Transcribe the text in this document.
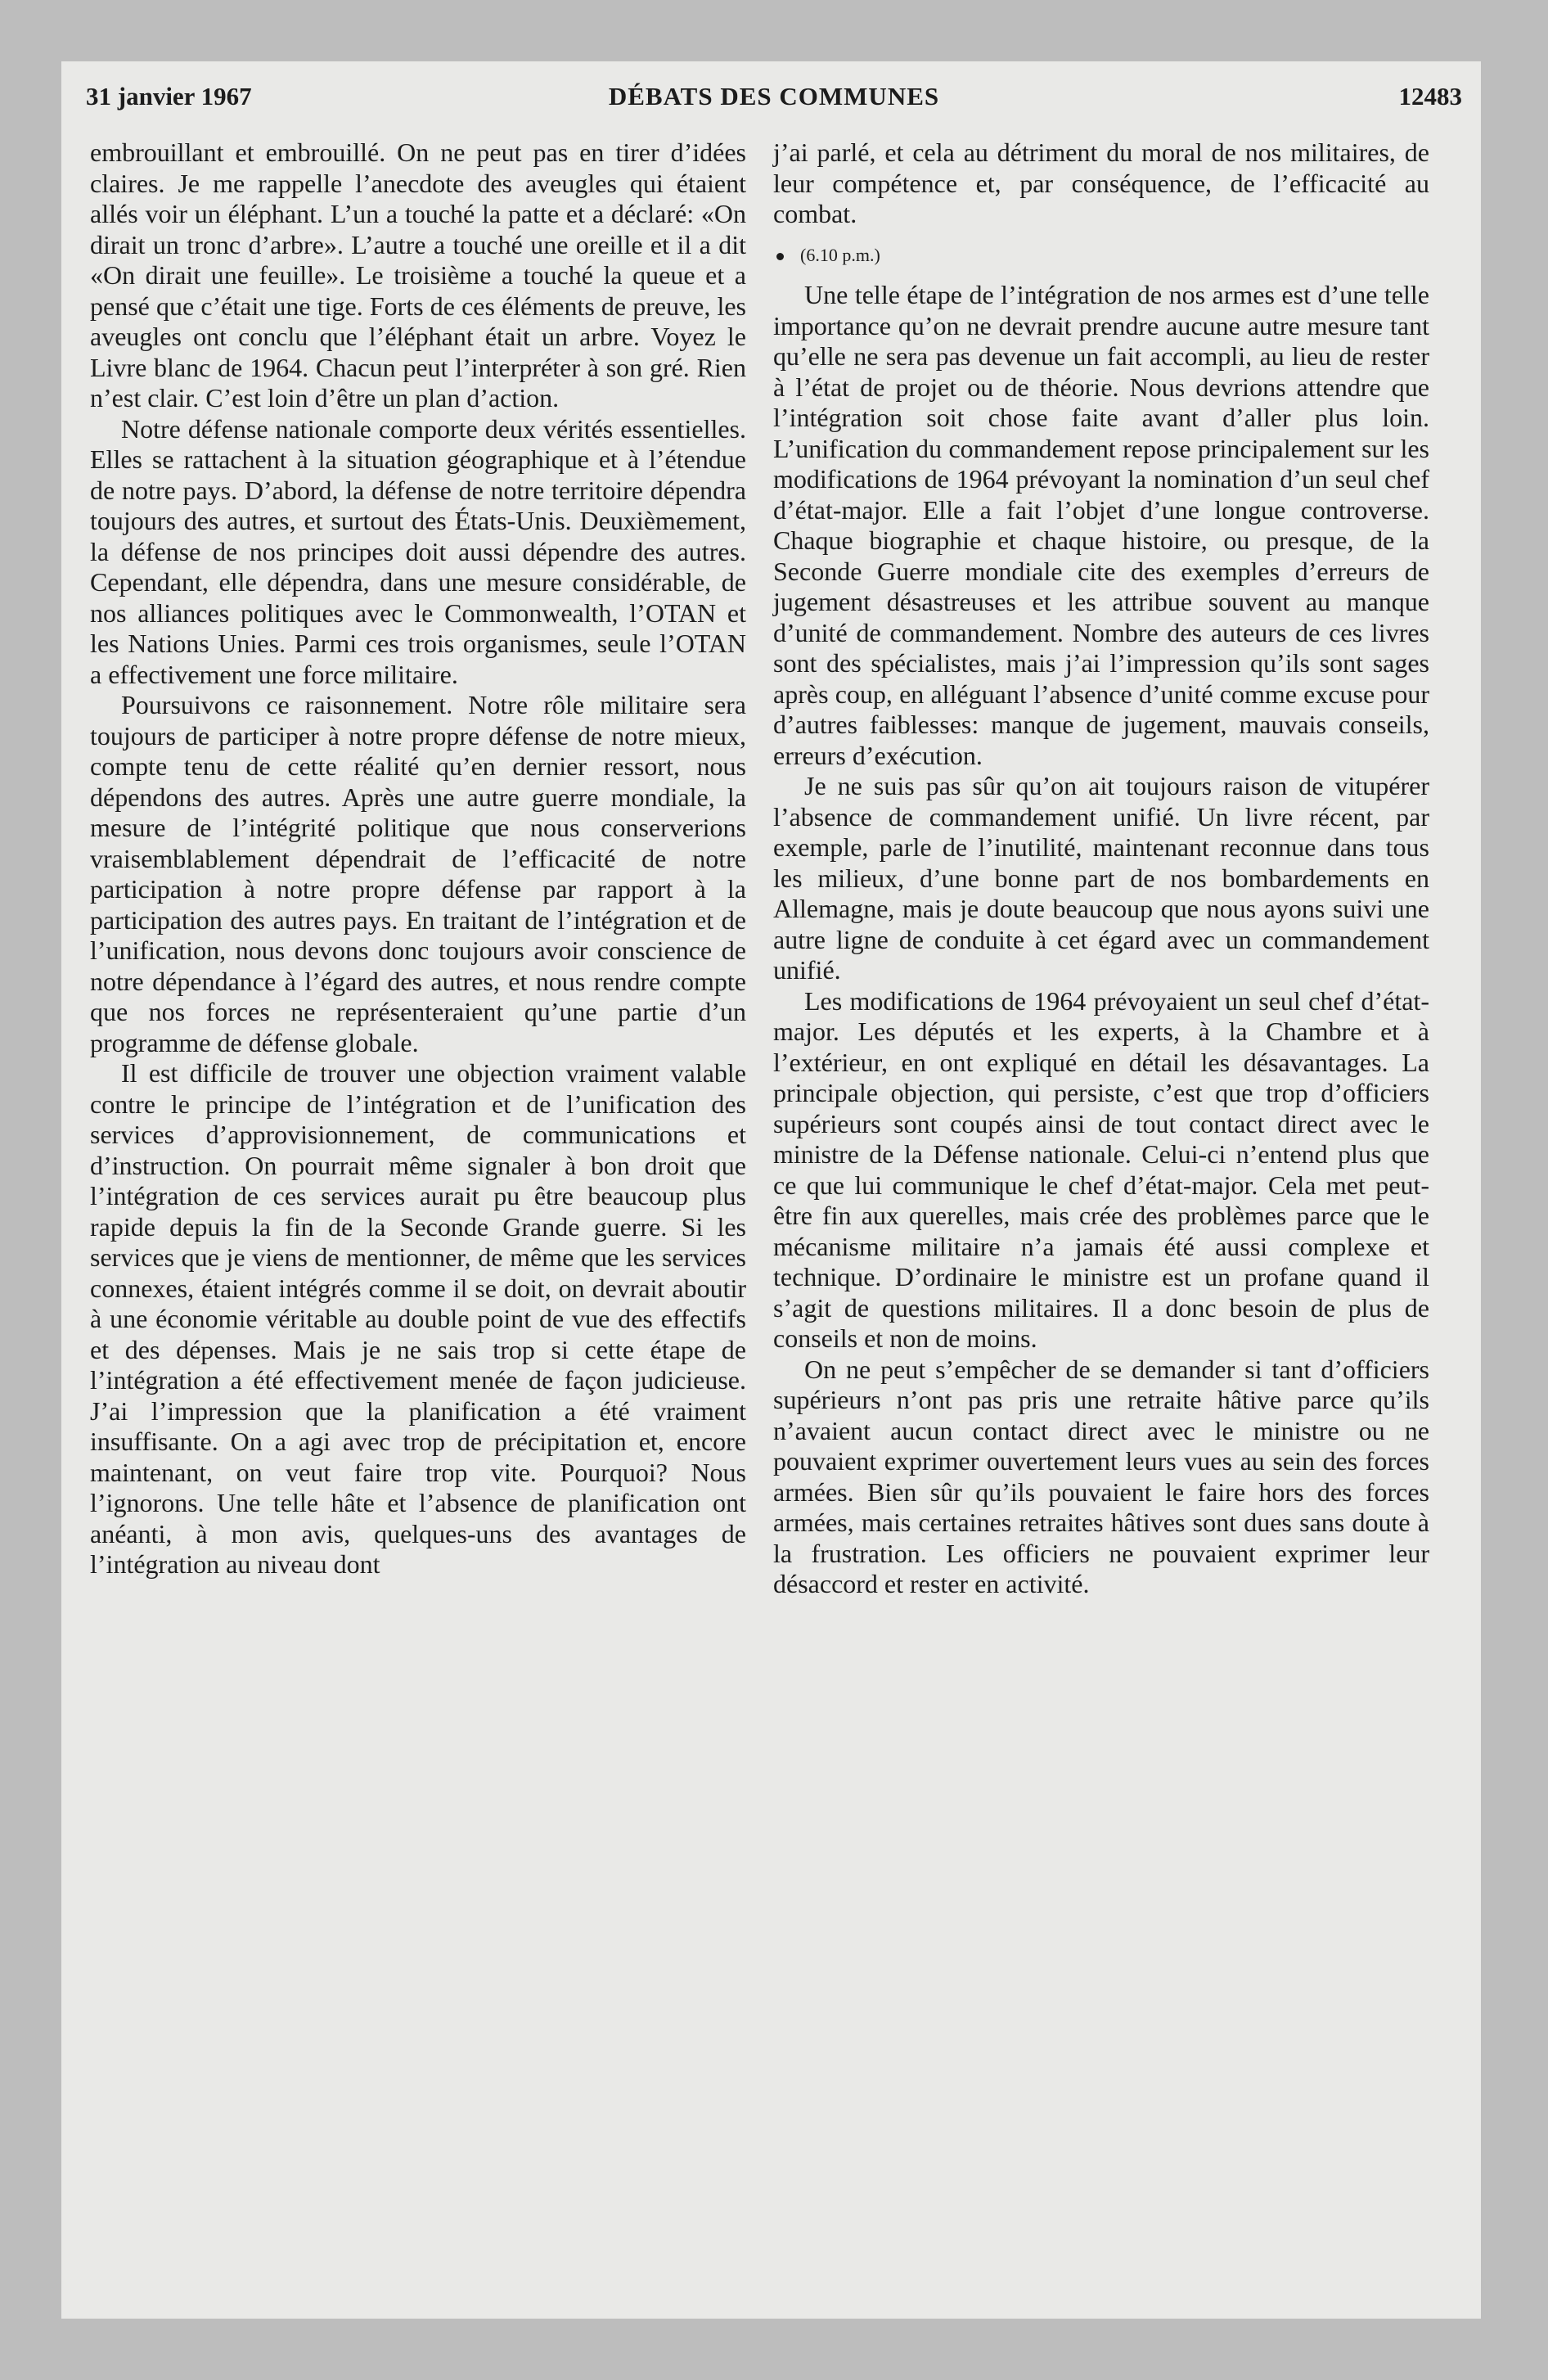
31 janvier 1967	DÉBATS DES COMMUNES	12483

embrouillant et embrouillé. On ne peut pas en tirer d’idées claires. Je me rappelle l’anecdote des aveugles qui étaient allés voir un éléphant. L’un a touché la patte et a déclaré: «On dirait un tronc d’arbre». L’autre a touché une oreille et il a dit «On dirait une feuille». Le troisième a touché la queue et a pensé que c’était une tige. Forts de ces éléments de preuve, les aveugles ont conclu que l’éléphant était un arbre. Voyez le Livre blanc de 1964. Chacun peut l’interpréter à son gré. Rien n’est clair. C’est loin d’être un plan d’action.

Notre défense nationale comporte deux vérités essentielles. Elles se rattachent à la situation géographique et à l’étendue de notre pays. D’abord, la défense de notre territoire dépendra toujours des autres, et surtout des États-Unis. Deuxièmement, la défense de nos principes doit aussi dépendre des autres. Cependant, elle dépendra, dans une mesure considérable, de nos alliances politiques avec le Commonwealth, l’OTAN et les Nations Unies. Parmi ces trois organismes, seule l’OTAN a effectivement une force militaire.

Poursuivons ce raisonnement. Notre rôle militaire sera toujours de participer à notre propre défense de notre mieux, compte tenu de cette réalité qu’en dernier ressort, nous dépendons des autres. Après une autre guerre mondiale, la mesure de l’intégrité politique que nous conserverions vraisemblablement dépendrait de l’efficacité de notre participation à notre propre défense par rapport à la participation des autres pays. En traitant de l’intégration et de l’unification, nous devons donc toujours avoir conscience de notre dépendance à l’égard des autres, et nous rendre compte que nos forces ne représenteraient qu’une partie d’un programme de défense globale.

Il est difficile de trouver une objection vraiment valable contre le principe de l’intégration et de l’unification des services d’approvisionnement, de communications et d’instruction. On pourrait même signaler à bon droit que l’intégration de ces services aurait pu être beaucoup plus rapide depuis la fin de la Seconde Grande guerre. Si les services que je viens de mentionner, de même que les services connexes, étaient intégrés comme il se doit, on devrait aboutir à une économie véritable au double point de vue des effectifs et des dépenses. Mais je ne sais trop si cette étape de l’intégration a été effectivement menée de façon judicieuse. J’ai l’impression que la planification a été vraiment insuffisante. On a agi avec trop de précipitation et, encore maintenant, on veut faire trop vite. Pourquoi? Nous l’ignorons. Une telle hâte et l’absence de planification ont anéanti, à mon avis, quelques-uns des avantages de l’intégration au niveau dont

j’ai parlé, et cela au détriment du moral de nos militaires, de leur compétence et, par conséquence, de l’efficacité au combat.

(6.10 p.m.)

Une telle étape de l’intégration de nos armes est d’une telle importance qu’on ne devrait prendre aucune autre mesure tant qu’elle ne sera pas devenue un fait accompli, au lieu de rester à l’état de projet ou de théorie. Nous devrions attendre que l’intégration soit chose faite avant d’aller plus loin. L’unification du commandement repose principalement sur les modifications de 1964 prévoyant la nomination d’un seul chef d’état-major. Elle a fait l’objet d’une longue controverse. Chaque biographie et chaque histoire, ou presque, de la Seconde Guerre mondiale cite des exemples d’erreurs de jugement désastreuses et les attribue souvent au manque d’unité de commandement. Nombre des auteurs de ces livres sont des spécialistes, mais j’ai l’impression qu’ils sont sages après coup, en alléguant l’absence d’unité comme excuse pour d’autres faiblesses: manque de jugement, mauvais conseils, erreurs d’exécution.

Je ne suis pas sûr qu’on ait toujours raison de vitupérer l’absence de commandement unifié. Un livre récent, par exemple, parle de l’inutilité, maintenant reconnue dans tous les milieux, d’une bonne part de nos bombardements en Allemagne, mais je doute beaucoup que nous ayons suivi une autre ligne de conduite à cet égard avec un commandement unifié.

Les modifications de 1964 prévoyaient un seul chef d’état-major. Les députés et les experts, à la Chambre et à l’extérieur, en ont expliqué en détail les désavantages. La principale objection, qui persiste, c’est que trop d’officiers supérieurs sont coupés ainsi de tout contact direct avec le ministre de la Défense nationale. Celui-ci n’entend plus que ce que lui communique le chef d’état-major. Cela met peut-être fin aux querelles, mais crée des problèmes parce que le mécanisme militaire n’a jamais été aussi complexe et technique. D’ordinaire le ministre est un profane quand il s’agit de questions militaires. Il a donc besoin de plus de conseils et non de moins.

On ne peut s’empêcher de se demander si tant d’officiers supérieurs n’ont pas pris une retraite hâtive parce qu’ils n’avaient aucun contact direct avec le ministre ou ne pouvaient exprimer ouvertement leurs vues au sein des forces armées. Bien sûr qu’ils pouvaient le faire hors des forces armées, mais certaines retraites hâtives sont dues sans doute à la frustration. Les officiers ne pouvaient exprimer leur désaccord et rester en activité.
